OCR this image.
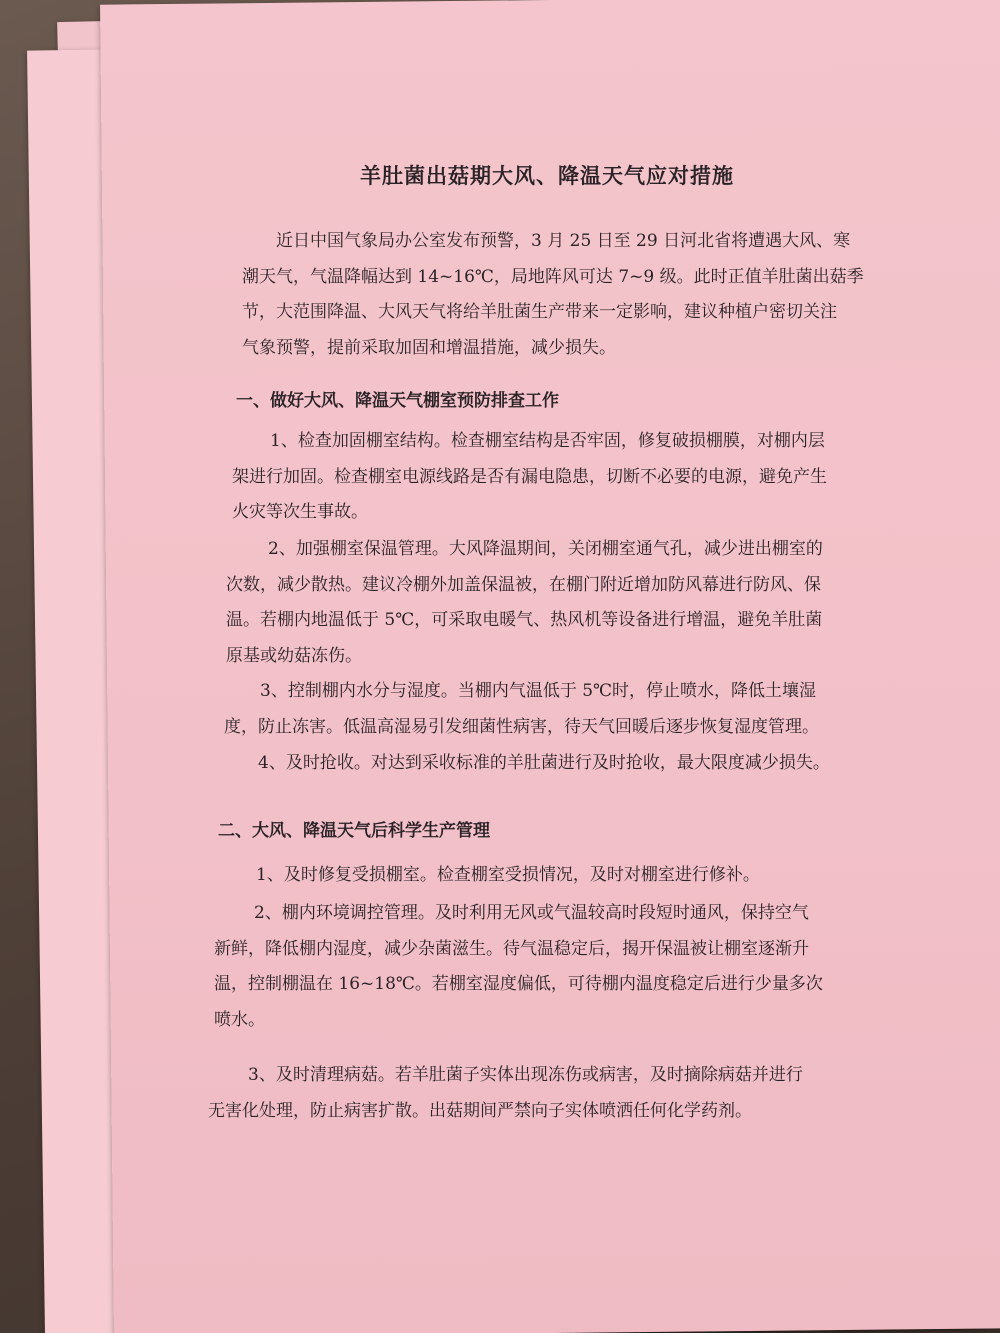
羊肚菌出菇期大风、降温天气应对措施
近日中国气象局办公室发布预警，3 月 25 日至 29 日河北省将遭遇大风、寒
潮天气，气温降幅达到 14~16℃，局地阵风可达 7~9 级。此时正值羊肚菌出菇季
节，大范围降温、大风天气将给羊肚菌生产带来一定影响，建议种植户密切关注
气象预警，提前采取加固和增温措施，减少损失。
一、做好大风、降温天气棚室预防排查工作
1、检查加固棚室结构。检查棚室结构是否牢固，修复破损棚膜，对棚内层
架进行加固。检查棚室电源线路是否有漏电隐患，切断不必要的电源，避免产生
火灾等次生事故。
2、加强棚室保温管理。大风降温期间，关闭棚室通气孔，减少进出棚室的
次数，减少散热。建议冷棚外加盖保温被，在棚门附近增加防风幕进行防风、保
温。若棚内地温低于 5℃，可采取电暖气、热风机等设备进行增温，避免羊肚菌
原基或幼菇冻伤。
3、控制棚内水分与湿度。当棚内气温低于 5℃时，停止喷水，降低土壤湿
度，防止冻害。低温高湿易引发细菌性病害，待天气回暖后逐步恢复湿度管理。
4、及时抢收。对达到采收标准的羊肚菌进行及时抢收，最大限度减少损失。
二、大风、降温天气后科学生产管理
1、及时修复受损棚室。检查棚室受损情况，及时对棚室进行修补。
2、棚内环境调控管理。及时利用无风或气温较高时段短时通风，保持空气
新鲜，降低棚内湿度，减少杂菌滋生。待气温稳定后，揭开保温被让棚室逐渐升
温，控制棚温在 16~18℃。若棚室湿度偏低，可待棚内温度稳定后进行少量多次
喷水。
3、及时清理病菇。若羊肚菌子实体出现冻伤或病害，及时摘除病菇并进行
无害化处理，防止病害扩散。出菇期间严禁向子实体喷洒任何化学药剂。
